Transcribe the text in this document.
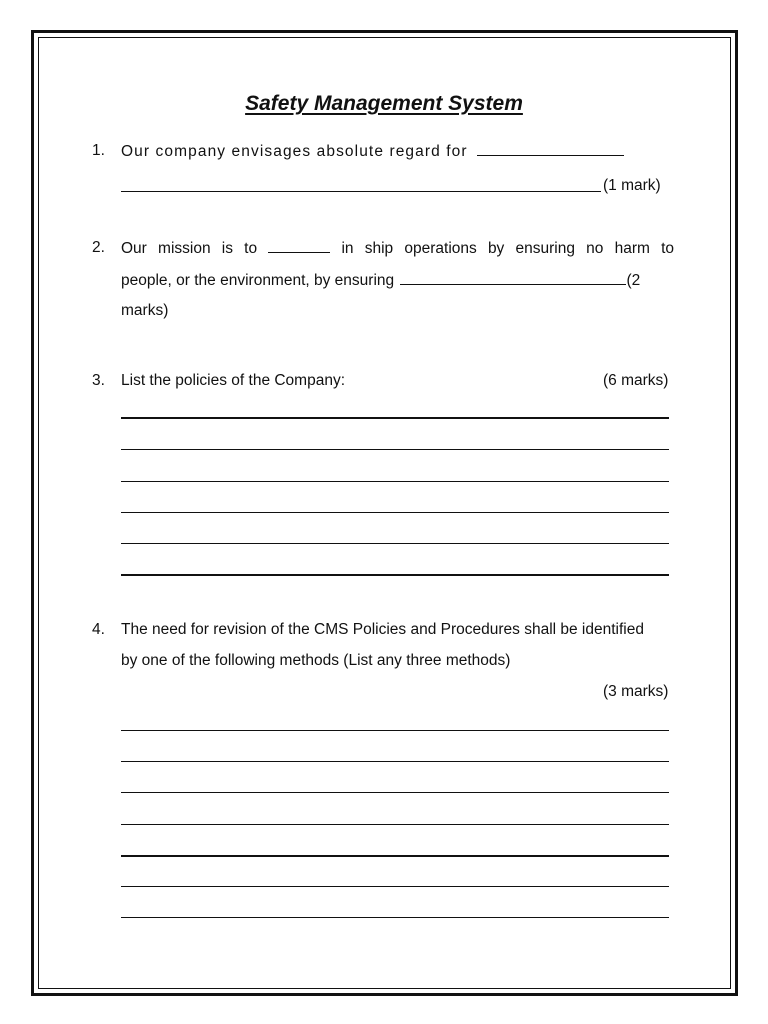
Safety Management System
1. Our company envisages absolute regard for
(1 mark)
2. Our mission is to	in ship operations by ensuring no harm to
people, or the environment, by ensuring	(2
marks)
3. List the policies of the Company:	(6 marks)
4. The need for revision of the CMS Policies and Procedures shall be identified
by one of the following methods (List any three methods)
(3 marks)
